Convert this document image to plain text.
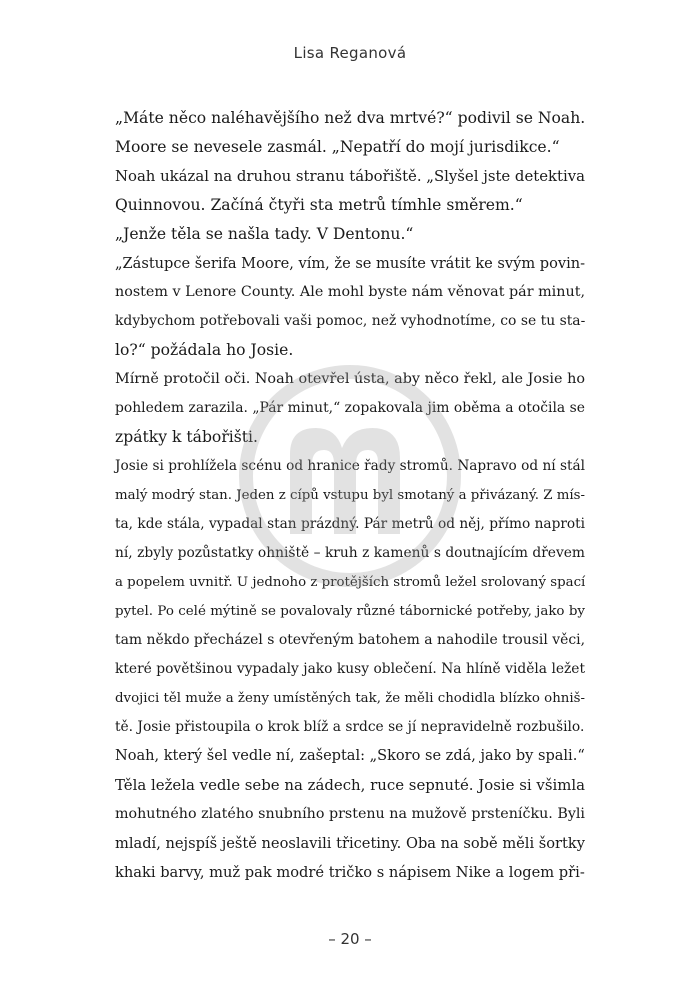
Lisa Reganová
„Máte něco naléhavějšího než dva mrtvé?“ podivil se Noah.
Moore se nevesele zasmál. „Nepatří do mojí jurisdikce.“
Noah ukázal na druhou stranu tábořiště. „Slyšel jste detektiva
Quinnovou. Začíná čtyři sta metrů tímhle směrem.“
„Jenže těla se našla tady. V Dentonu.“
„Zástupce šerifa Moore, vím, že se musíte vrátit ke svým povin-
nostem v Lenore County. Ale mohl byste nám věnovat pár minut,
kdybychom potřebovali vaši pomoc, než vyhodnotíme, co se tu sta-
lo?“ požádala ho Josie.
Mírně protočil oči. Noah otevřel ústa, aby něco řekl, ale Josie ho
pohledem zarazila. „Pár minut,“ zopakovala jim oběma a otočila se
zpátky k tábořišti.
Josie si prohlížela scénu od hranice řady stromů. Napravo od ní stál
malý modrý stan. Jeden z cípů vstupu byl smotaný a přivázaný. Z mís-
ta, kde stála, vypadal stan prázdný. Pár metrů od něj, přímo naproti
ní, zbyly pozůstatky ohniště – kruh z kamenů s doutnajícím dřevem
a popelem uvnitř. U jednoho z protějších stromů ležel srolovaný spací
pytel. Po celé mýtině se povalovaly různé tábornické potřeby, jako by
tam někdo přecházel s otevřeným batohem a nahodile trousil věci,
které povětšinou vypadaly jako kusy oblečení. Na hlíně viděla ležet
dvojici těl muže a ženy umístěných tak, že měli chodidla blízko ohniš-
tě. Josie přistoupila o krok blíž a srdce se jí nepravidelně rozbušilo.
Noah, který šel vedle ní, zašeptal: „Skoro se zdá, jako by spali.“
Těla ležela vedle sebe na zádech, ruce sepnuté. Josie si všimla
mohutného zlatého snubního prstenu na mužově prsteníčku. Byli
mladí, nejspíš ještě neoslavili třicetiny. Oba na sobě měli šortky
khaki barvy, muž pak modré tričko s nápisem Nike a logem při-
– 20 –
